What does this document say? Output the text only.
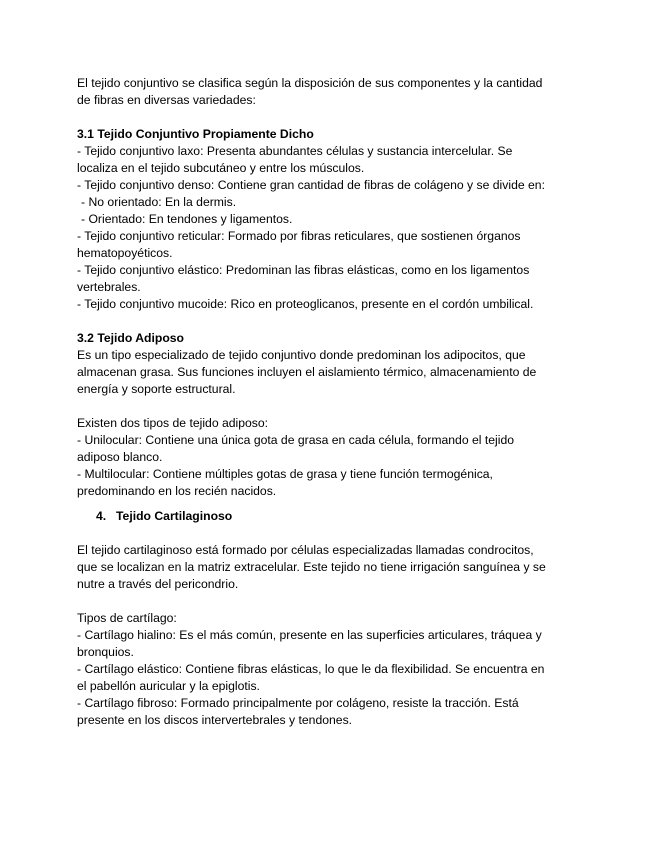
El tejido conjuntivo se clasifica según la disposición de sus componentes y la cantidad
de fibras en diversas variedades:
3.1 Tejido Conjuntivo Propiamente Dicho
- Tejido conjuntivo laxo: Presenta abundantes células y sustancia intercelular. Se
localiza en el tejido subcutáneo y entre los músculos.
- Tejido conjuntivo denso: Contiene gran cantidad de fibras de colágeno y se divide en:
- No orientado: En la dermis.
- Orientado: En tendones y ligamentos.
- Tejido conjuntivo reticular: Formado por fibras reticulares, que sostienen órganos
hematopoyéticos.
- Tejido conjuntivo elástico: Predominan las fibras elásticas, como en los ligamentos
vertebrales.
- Tejido conjuntivo mucoide: Rico en proteoglicanos, presente en el cordón umbilical.
3.2 Tejido Adiposo
Es un tipo especializado de tejido conjuntivo donde predominan los adipocitos, que
almacenan grasa. Sus funciones incluyen el aislamiento térmico, almacenamiento de
energía y soporte estructural.
Existen dos tipos de tejido adiposo:
- Unilocular: Contiene una única gota de grasa en cada célula, formando el tejido
adiposo blanco.
- Multilocular: Contiene múltiples gotas de grasa y tiene función termogénica,
predominando en los recién nacidos.
4. Tejido Cartilaginoso
El tejido cartilaginoso está formado por células especializadas llamadas condrocitos,
que se localizan en la matriz extracelular. Este tejido no tiene irrigación sanguínea y se
nutre a través del pericondrio.
Tipos de cartílago:
- Cartílago hialino: Es el más común, presente en las superficies articulares, tráquea y
bronquios.
- Cartílago elástico: Contiene fibras elásticas, lo que le da flexibilidad. Se encuentra en
el pabellón auricular y la epiglotis.
- Cartílago fibroso: Formado principalmente por colágeno, resiste la tracción. Está
presente en los discos intervertebrales y tendones.
